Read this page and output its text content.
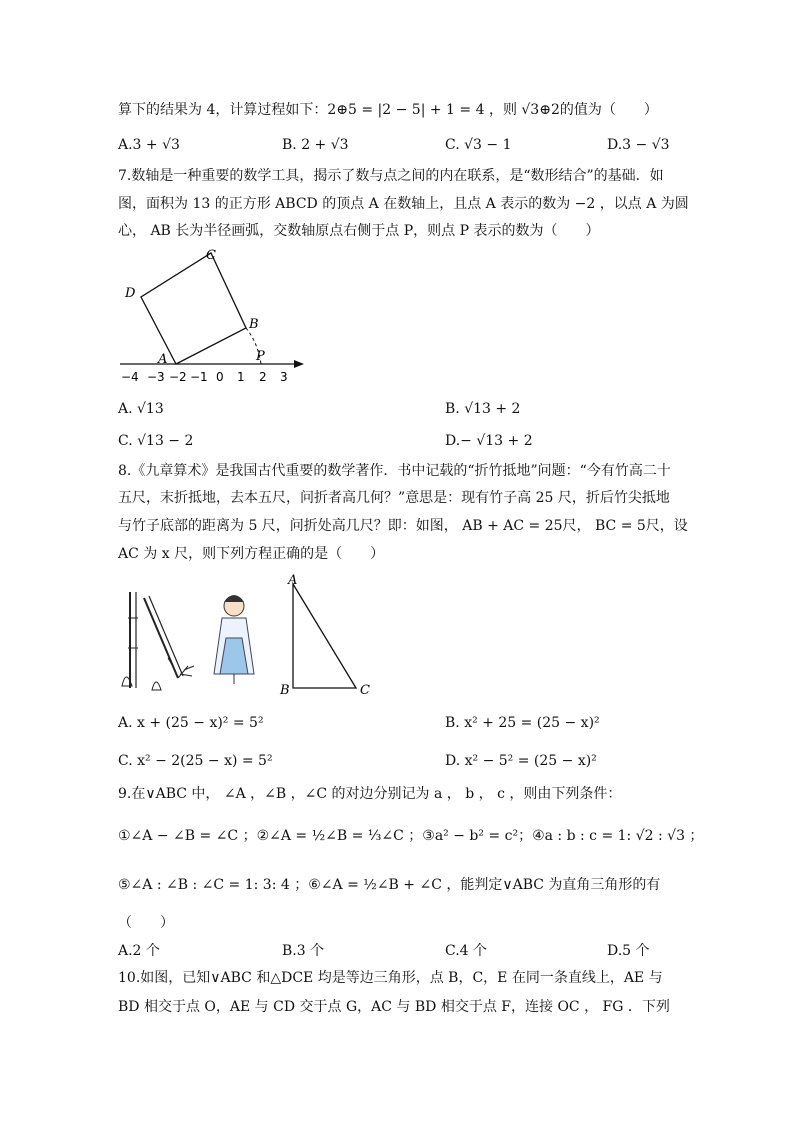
算下的结果为 4，计算过程如下：2⊕5 = |2 − 5| + 1 = 4 ，则 √3⊕2的值为（　　）
A.3 + √3	B. 2 + √3	C. √3 − 1	D.3 − √3
7.数轴是一种重要的数学工具，揭示了数与点之间的内在联系，是“数形结合”的基础．如
图，面积为 13 的正方形 ABCD 的顶点 A 在数轴上，且点 A 表示的数为 −2 ，以点 A 为圆
心， AB 长为半径画弧，交数轴原点右侧于点 P，则点 P 表示的数为（　　）
D
C
B
A	P
−4 −3 −2 −1 0 1 2 3
A. √13	B. √13 + 2
C. √13 − 2	D.− √13 + 2
8.《九章算术》是我国古代重要的数学著作．书中记载的“折竹抵地”问题：“今有竹高二十
五尺，末折抵地，去本五尺，问折者高几何？”意思是：现有竹子高 25 尺，折后竹尖抵地
与竹子底部的距离为 5 尺，问折处高几尺？即：如图， AB + AC = 25尺， BC = 5尺，设
AC 为 x 尺，则下列方程正确的是（　　）
A
B	C
A. x + (25 − x)² = 5²	B. x² + 25 = (25 − x)²
C. x² − 2(25 − x) = 5²	D. x² − 5² = (25 − x)²
9.在∨ABC 中， ∠A ，∠B ，∠C 的对边分别记为 a ， b ， c ，则由下列条件：
①∠A − ∠B = ∠C ；②∠A = ½∠B = ⅓∠C ；③a² − b² = c²；④a : b : c = 1: √2 : √3 ；
⑤∠A : ∠B : ∠C = 1: 3: 4 ；⑥∠A = ½∠B + ∠C ，能判定∨ABC 为直角三角形的有
（　　）
A.2 个	B.3 个	C.4 个	D.5 个
10.如图，已知∨ABC 和△DCE 均是等边三角形，点 B，C，E 在同一条直线上，AE 与
BD 相交于点 O，AE 与 CD 交于点 G，AC 与 BD 相交于点 F，连接 OC ， FG ．下列
